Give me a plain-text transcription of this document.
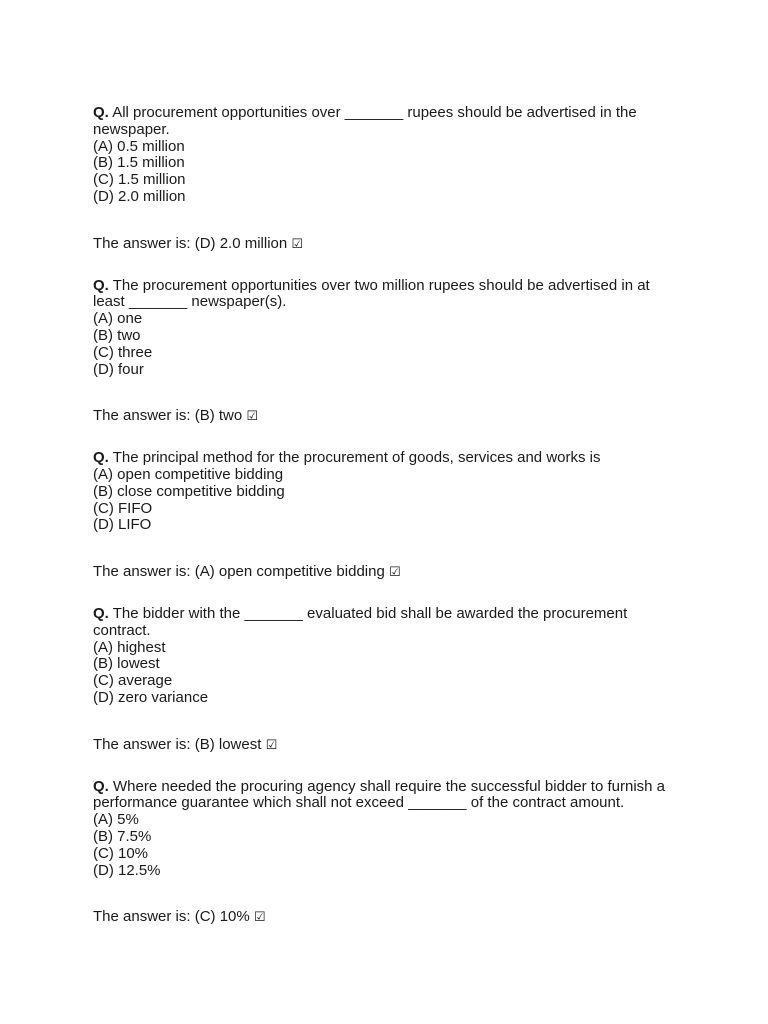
Q. All procurement opportunities over _______ rupees should be advertised in the newspaper.
(A) 0.5 million
(B) 1.5 million
(C) 1.5 million
(D) 2.0 million
The answer is: (D) 2.0 million ☑
Q. The procurement opportunities over two million rupees should be advertised in at least _______ newspaper(s).
(A) one
(B) two
(C) three
(D) four
The answer is: (B) two ☑
Q. The principal method for the procurement of goods, services and works is
(A) open competitive bidding
(B) close competitive bidding
(C) FIFO
(D) LIFO
The answer is: (A) open competitive bidding ☑
Q. The bidder with the _______ evaluated bid shall be awarded the procurement contract.
(A) highest
(B) lowest
(C) average
(D) zero variance
The answer is: (B) lowest ☑
Q. Where needed the procuring agency shall require the successful bidder to furnish a performance guarantee which shall not exceed _______ of the contract amount.
(A) 5%
(B) 7.5%
(C) 10%
(D) 12.5%
The answer is: (C) 10% ☑
